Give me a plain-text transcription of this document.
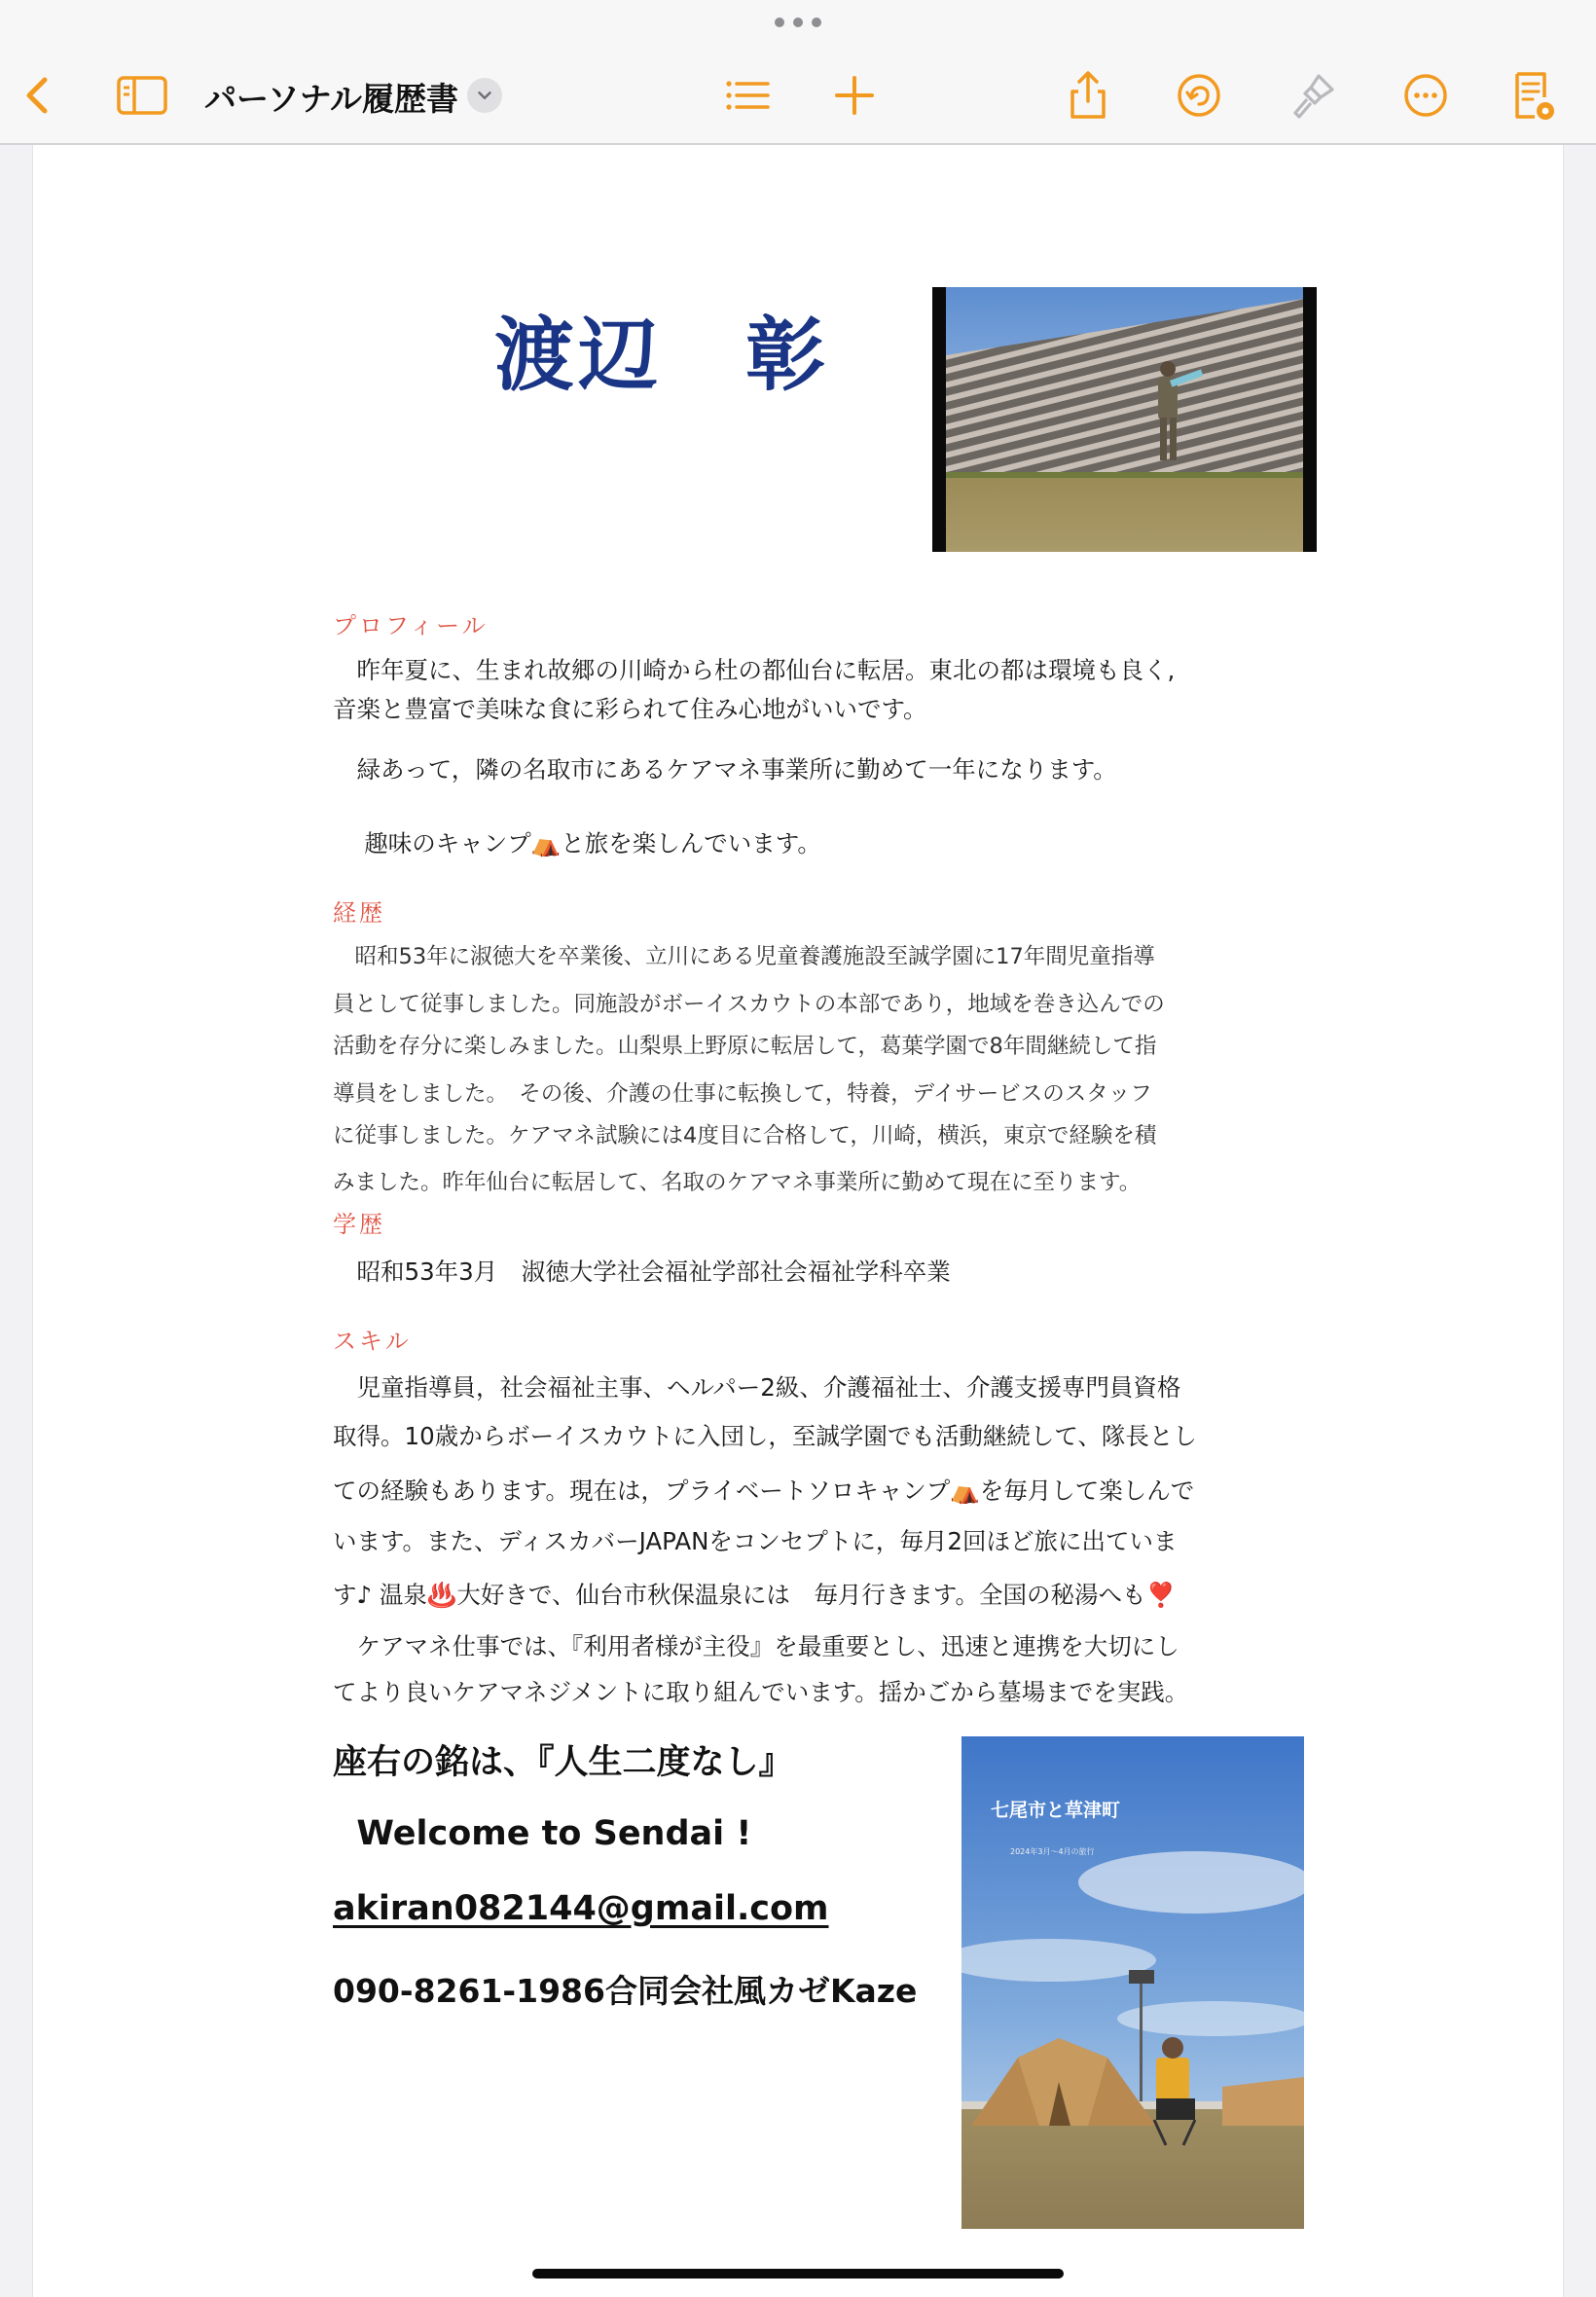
パーソナル履歴書
渡辺　彰
プロフィール
　昨年夏に、生まれ故郷の川崎から杜の都仙台に転居。東北の都は環境も良く,
音楽と豊富で美味な食に彩られて住み心地がいいです。
　緑あって，隣の名取市にあるケアマネ事業所に勤めて一年になります。
　 趣味のキャンプ⛺と旅を楽しんでいます。
経歴
　昭和53年に淑徳大を卒業後、立川にある児童養護施設至誠学園に17年間児童指導
員として従事しました。同施設がボーイスカウトの本部であり，地域を巻き込んでの
活動を存分に楽しみました。山梨県上野原に転居して，葛葉学園で8年間継続して指
導員をしました。　その後、介護の仕事に転換して，特養，デイサービスのスタッフ
に従事しました。ケアマネ試験には4度目に合格して，川崎，横浜，東京で経験を積
みました。昨年仙台に転居して、名取のケアマネ事業所に勤めて現在に至ります。
学歴
　昭和53年3月　淑徳大学社会福祉学部社会福祉学科卒業
スキル
　児童指導員，社会福祉主事、ヘルパー2級、介護福祉士、介護支援専門員資格
取得。10歳からボーイスカウトに入団し，至誠学園でも活動継続して、隊長とし
ての経験もあります。現在は，プライベートソロキャンプ⛺を毎月して楽しんで
います。また、ディスカバーJAPANをコンセプトに，毎月2回ほど旅に出ていま
す♪ 温泉♨️大好きで、仙台市秋保温泉には　毎月行きます。全国の秘湯へも❣️
　ケアマネ仕事では、『利用者様が主役』を最重要とし、迅速と連携を大切にし
てより良いケアマネジメントに取り組んでいます。揺かごから墓場までを実践。
座右の銘は、『人生二度なし』
Welcome to Sendai !
akiran082144@gmail.com
090-8261-1986合同会社風カゼKaze
七尾市と草津町
2024年3月〜4月の旅行
